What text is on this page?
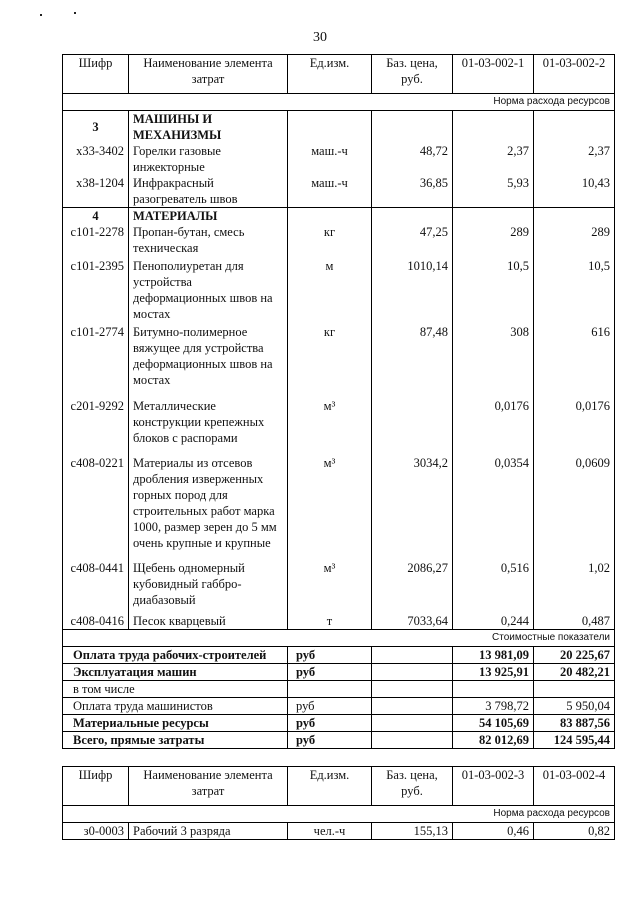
30
Шифр	Наименование элемента затрат	Ед.изм.	Баз. цена, руб.	01-03-002-1	01-03-002-2
Норма расхода ресурсов					
3	МАШИНЫ И МЕХАНИЗМЫ				
х33-3402	Горелки газовые инжекторные	маш.-ч	48,72	2,37	2,37
х38-1204	Инфракрасный разогреватель швов	маш.-ч	36,85	5,93	10,43
4	МАТЕРИАЛЫ				
с101-2278	Пропан-бутан, смесь техническая	кг	47,25	289	289
с101-2395	Пенополиуретан для устройства деформационных швов на мостах	м	1010,14	10,5	10,5
с101-2774	Битумно-полимерное вяжущее для устройства деформационных швов на мостах	кг	87,48	308	616
с201-9292	Металлические конструкции крепежных блоков с распорами	м³		0,0176	0,0176
с408-0221	Материалы из отсевов дробления изверженных горных пород для строительных работ марка 1000, размер зерен до 5 мм очень крупные и крупные	м³	3034,2	0,0354	0,0609
с408-0441	Щебень одномерный кубовидный габбро-диабазовый	м³	2086,27	0,516	1,02
с408-0416	Песок кварцевый	т	7033,64	0,244	0,487
Стоимостные показатели					
Оплата труда рабочих-строителей		руб		13 981,09	20 225,67
Эксплуатация машин		руб		13 925,91	20 482,21
в том числе					
Оплата труда машинистов		руб		3 798,72	5 950,04
Материальные ресурсы		руб		54 105,69	83 887,56
Всего, прямые затраты		руб		82 012,69	124 595,44
Шифр	Наименование элемента затрат	Ед.изм.	Баз. цена, руб.	01-03-002-3	01-03-002-4
Норма расхода ресурсов					
з0-0003	Рабочий 3 разряда	чел.-ч	155,13	0,46	0,82
